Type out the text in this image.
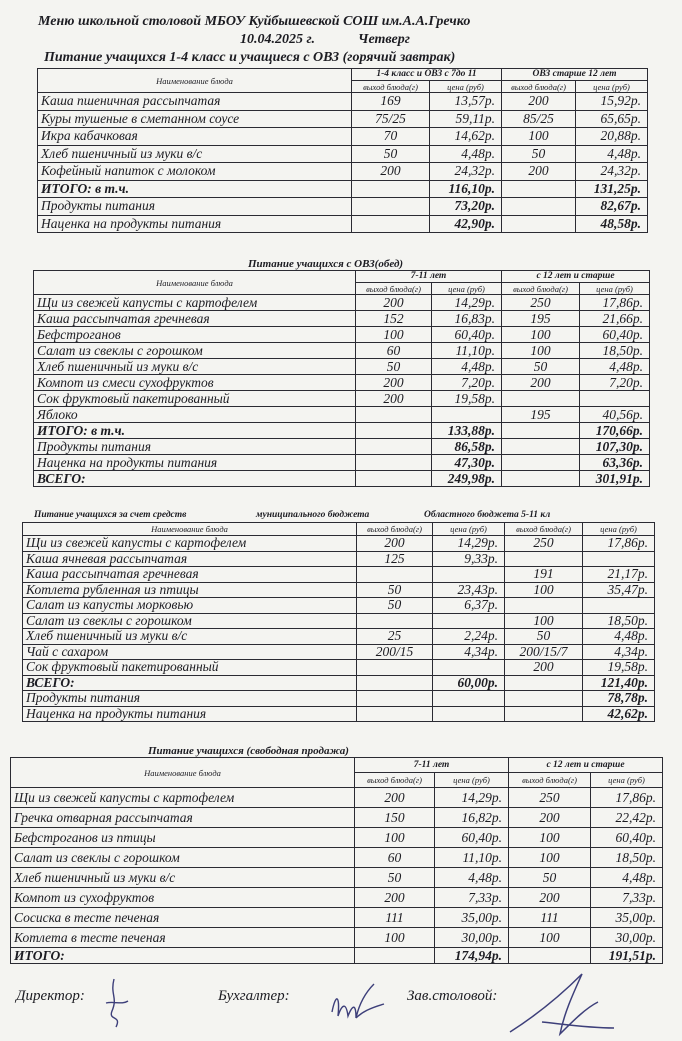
Меню школьной столовой МБОУ Куйбышевской СОШ им.А.А.Гречко
10.04.2025 г.	Четверг
Питание учащихся 1-4 класс и учащиеся с ОВЗ (горячий завтрак)
Наименование блюда	1-4 класс и ОВЗ с 7до 11		ОВЗ старше 12 лет	
	выход блюда(г)	цена (руб)	выход блюда(г)	цена (руб)
Каша пшеничная рассыпчатая	169	13,57р.	200	15,92р.
Куры тушеные в сметанном соусе	75/25	59,11р.	85/25	65,65р.
Икра кабачковая	70	14,62р.	100	20,88р.
Хлеб пшеничный из муки в/с	50	4,48р.	50	4,48р.
Кофейный напиток с молоком	200	24,32р.	200	24,32р.
ИТОГО: в т.ч.		116,10р.		131,25р.
Продукты питания		73,20р.		82,67р.
Наценка на продукты питания		42,90р.		48,58р.
Питание учащихся с ОВЗ(обед)
Наименование блюда	7-11 лет		с 12 лет и старше	
	выход блюда(г)	цена (руб)	выход блюда(г)	цена (руб)
Щи из свежей капусты с картофелем	200	14,29р.	250	17,86р.
Каша рассыпчатая гречневая	152	16,83р.	195	21,66р.
Бефстроганов	100	60,40р.	100	60,40р.
Салат из свеклы с горошком	60	11,10р.	100	18,50р.
Хлеб пшеничный из муки в/с	50	4,48р.	50	4,48р.
Компот из смеси сухофруктов	200	7,20р.	200	7,20р.
Сок фруктовый пакетированный	200	19,58р.		
Яблоко			195	40,56р.
ИТОГО: в т.ч.		133,88р.		170,66р.
Продукты питания		86,58р.		107,30р.
Наценка на продукты питания		47,30р.		63,36р.
ВСЕГО:		249,98р.		301,91р.
Питание учащихся за счет средств	муниципального бюджета	Областного бюджета 5-11 кл
Наименование блюда	выход блюда(г)	цена (руб)	выход блюда(г)	цена (руб)
Щи из свежей капусты с картофелем	200	14,29р.	250	17,86р.
Каша ячневая рассыпчатая	125	9,33р.		
Каша рассыпчатая гречневая			191	21,17р.
Котлета рубленная из птицы	50	23,43р.	100	35,47р.
Салат из капусты морковью	50	6,37р.		
Салат из свеклы с горошком			100	18,50р.
Хлеб пшеничный из муки в/с	25	2,24р.	50	4,48р.
Чай с сахаром	200/15	4,34р.	200/15/7	4,34р.
Сок фруктовый пакетированный			200	19,58р.
ВСЕГО:		60,00р.		121,40р.
Продукты питания				78,78р.
Наценка на продукты питания				42,62р.
Питание учащихся (свободная продажа)
Наименование блюда	7-11 лет		с 12 лет и старше	
	выход блюда(г)	цена (руб)	выход блюда(г)	цена (руб)
Щи из свежей капусты с картофелем	200	14,29р.	250	17,86р.
Гречка отварная рассыпчатая	150	16,82р.	200	22,42р.
Бефстроганов из птицы	100	60,40р.	100	60,40р.
Салат из свеклы с горошком	60	11,10р.	100	18,50р.
Хлеб пшеничный из муки в/с	50	4,48р.	50	4,48р.
Компот из сухофруктов	200	7,33р.	200	7,33р.
Сосиска в тесте печеная	111	35,00р.	111	35,00р.
Котлета в тесте печеная	100	30,00р.	100	30,00р.
ИТОГО:		174,94р.		191,51р.
Директор:	Бухгалтер:	Зав.столовой:
